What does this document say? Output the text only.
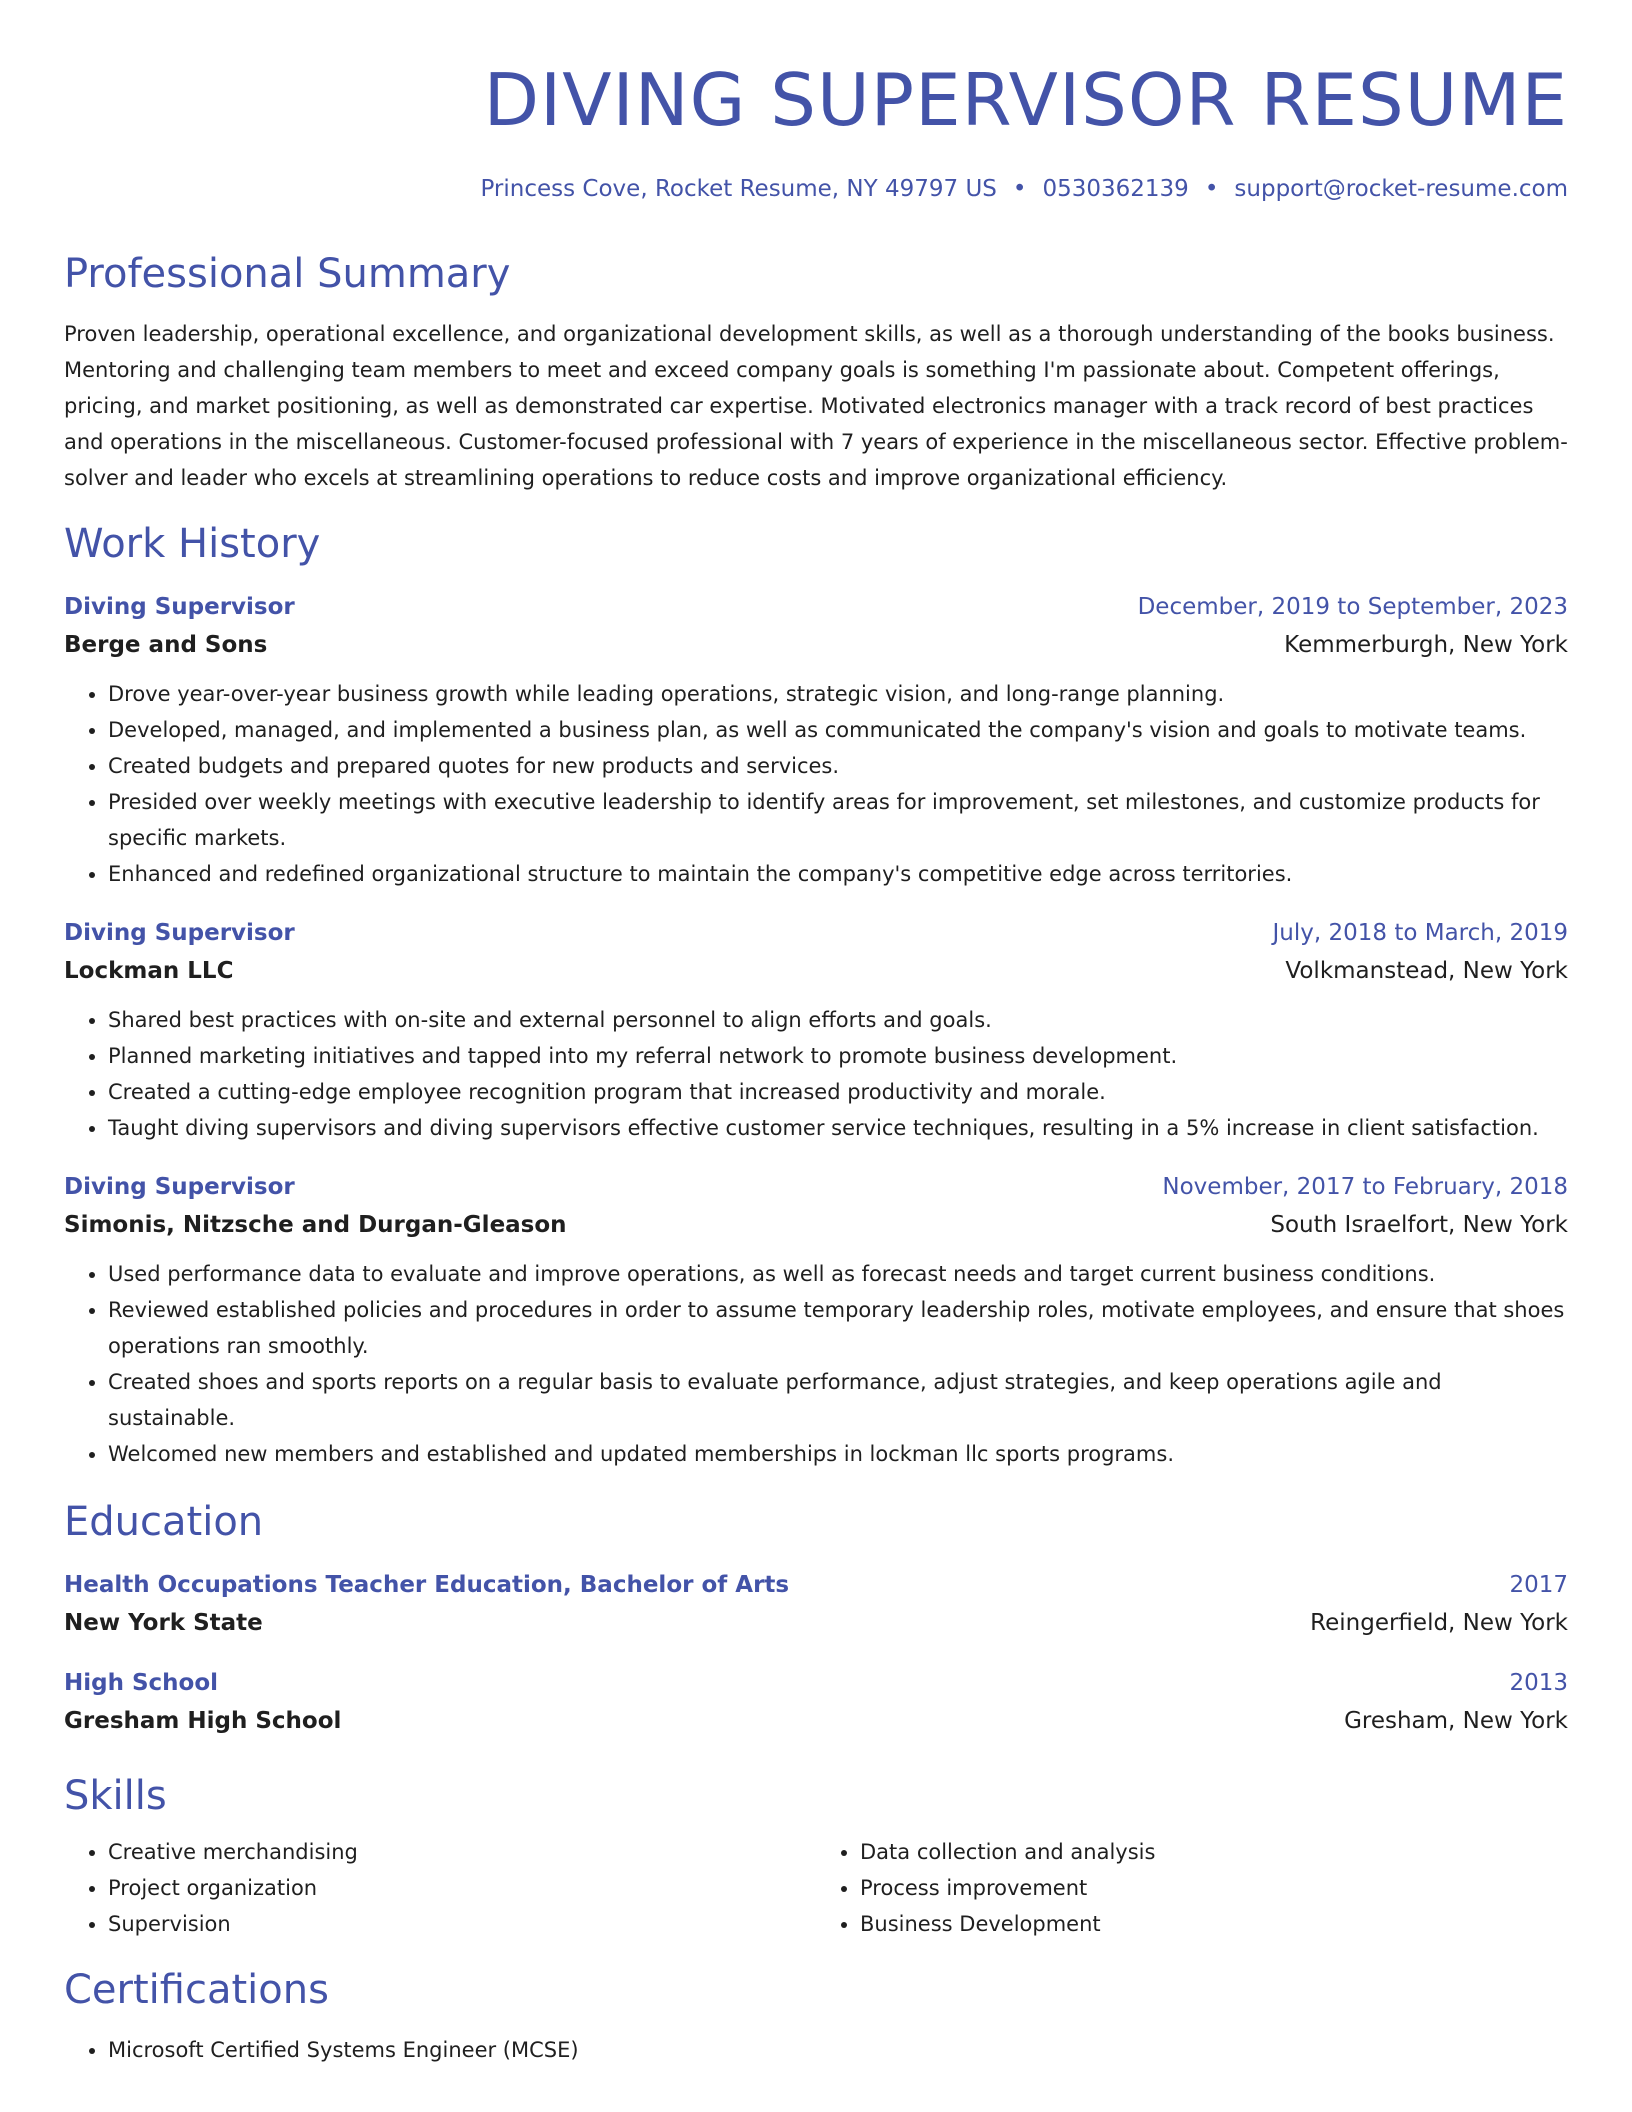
DIVING SUPERVISOR RESUME
Princess Cove, Rocket Resume, NY 49797 US • 0530362139 • support@rocket-resume.com
Professional Summary
Proven leadership, operational excellence, and organizational development skills, as well as a thorough understanding of the books business. Mentoring and challenging team members to meet and exceed company goals is something I'm passionate about. Competent offerings, pricing, and market positioning, as well as demonstrated car expertise. Motivated electronics manager with a track record of best practices and operations in the miscellaneous. Customer-focused professional with 7 years of experience in the miscellaneous sector. Effective problem-solver and leader who excels at streamlining operations to reduce costs and improve organizational efficiency.
Work History
Diving Supervisor	December, 2019 to September, 2023
Berge and Sons	Kemmerburgh, New York
• Drove year-over-year business growth while leading operations, strategic vision, and long-range planning.
• Developed, managed, and implemented a business plan, as well as communicated the company's vision and goals to motivate teams.
• Created budgets and prepared quotes for new products and services.
• Presided over weekly meetings with executive leadership to identify areas for improvement, set milestones, and customize products for specific markets.
• Enhanced and redefined organizational structure to maintain the company's competitive edge across territories.
Diving Supervisor	July, 2018 to March, 2019
Lockman LLC	Volkmanstead, New York
• Shared best practices with on-site and external personnel to align efforts and goals.
• Planned marketing initiatives and tapped into my referral network to promote business development.
• Created a cutting-edge employee recognition program that increased productivity and morale.
• Taught diving supervisors and diving supervisors effective customer service techniques, resulting in a 5% increase in client satisfaction.
Diving Supervisor	November, 2017 to February, 2018
Simonis, Nitzsche and Durgan-Gleason	South Israelfort, New York
• Used performance data to evaluate and improve operations, as well as forecast needs and target current business conditions.
• Reviewed established policies and procedures in order to assume temporary leadership roles, motivate employees, and ensure that shoes operations ran smoothly.
• Created shoes and sports reports on a regular basis to evaluate performance, adjust strategies, and keep operations agile and sustainable.
• Welcomed new members and established and updated memberships in lockman llc sports programs.
Education
Health Occupations Teacher Education, Bachelor of Arts	2017
New York State	Reingerfield, New York
High School	2013
Gresham High School	Gresham, New York
Skills
• Creative merchandising
• Project organization
• Supervision
• Data collection and analysis
• Process improvement
• Business Development
Certifications
• Microsoft Certified Systems Engineer (MCSE)
